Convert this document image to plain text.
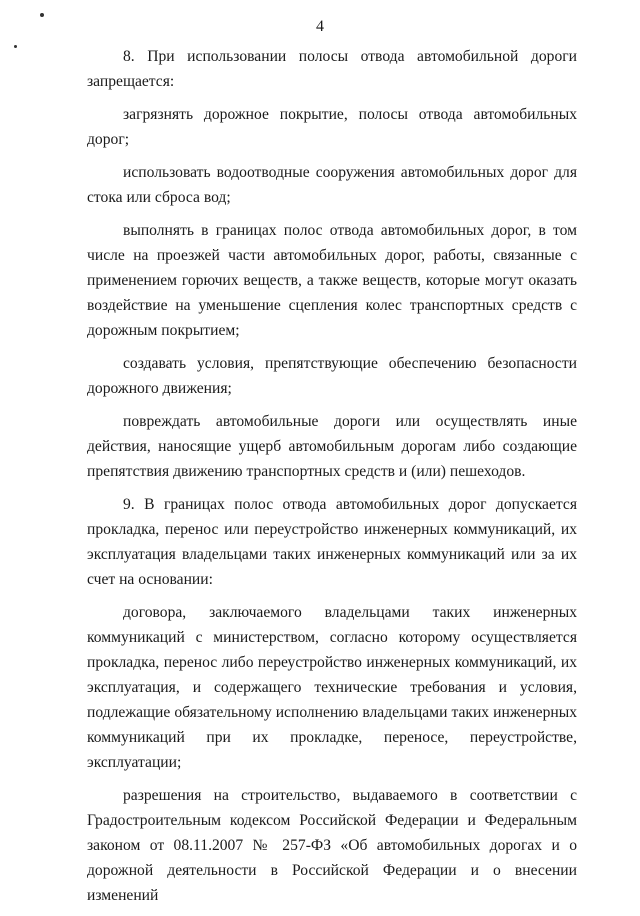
4

8. При использовании полосы отвода автомобильной дороги запрещается:

загрязнять дорожное покрытие, полосы отвода автомобильных дорог;

использовать водоотводные сооружения автомобильных дорог для стока или сброса вод;

выполнять в границах полос отвода автомобильных дорог, в том числе на проезжей части автомобильных дорог, работы, связанные с применением горючих веществ, а также веществ, которые могут оказать воздействие на уменьшение сцепления колес транспортных средств с дорожным покрытием;

создавать условия, препятствующие обеспечению безопасности дорожного движения;

повреждать автомобильные дороги или осуществлять иные действия, наносящие ущерб автомобильным дорогам либо создающие препятствия движению транспортных средств и (или) пешеходов.

9. В границах полос отвода автомобильных дорог допускается прокладка, перенос или переустройство инженерных коммуникаций, их эксплуатация владельцами таких инженерных коммуникаций или за их счет на основании:

договора, заключаемого владельцами таких инженерных коммуникаций с министерством, согласно которому осуществляется прокладка, перенос либо переустройство инженерных коммуникаций, их эксплуатация, и содержащего технические требования и условия, подлежащие обязательному исполнению владельцами таких инженерных коммуникаций при их прокладке, переносе, переустройстве, эксплуатации;

разрешения на строительство, выдаваемого в соответствии с Градостроительным кодексом Российской Федерации и Федеральным законом от 08.11.2007 № 257-ФЗ «Об автомобильных дорогах и о дорожной деятельности в Российской Федерации и о внесении изменений
